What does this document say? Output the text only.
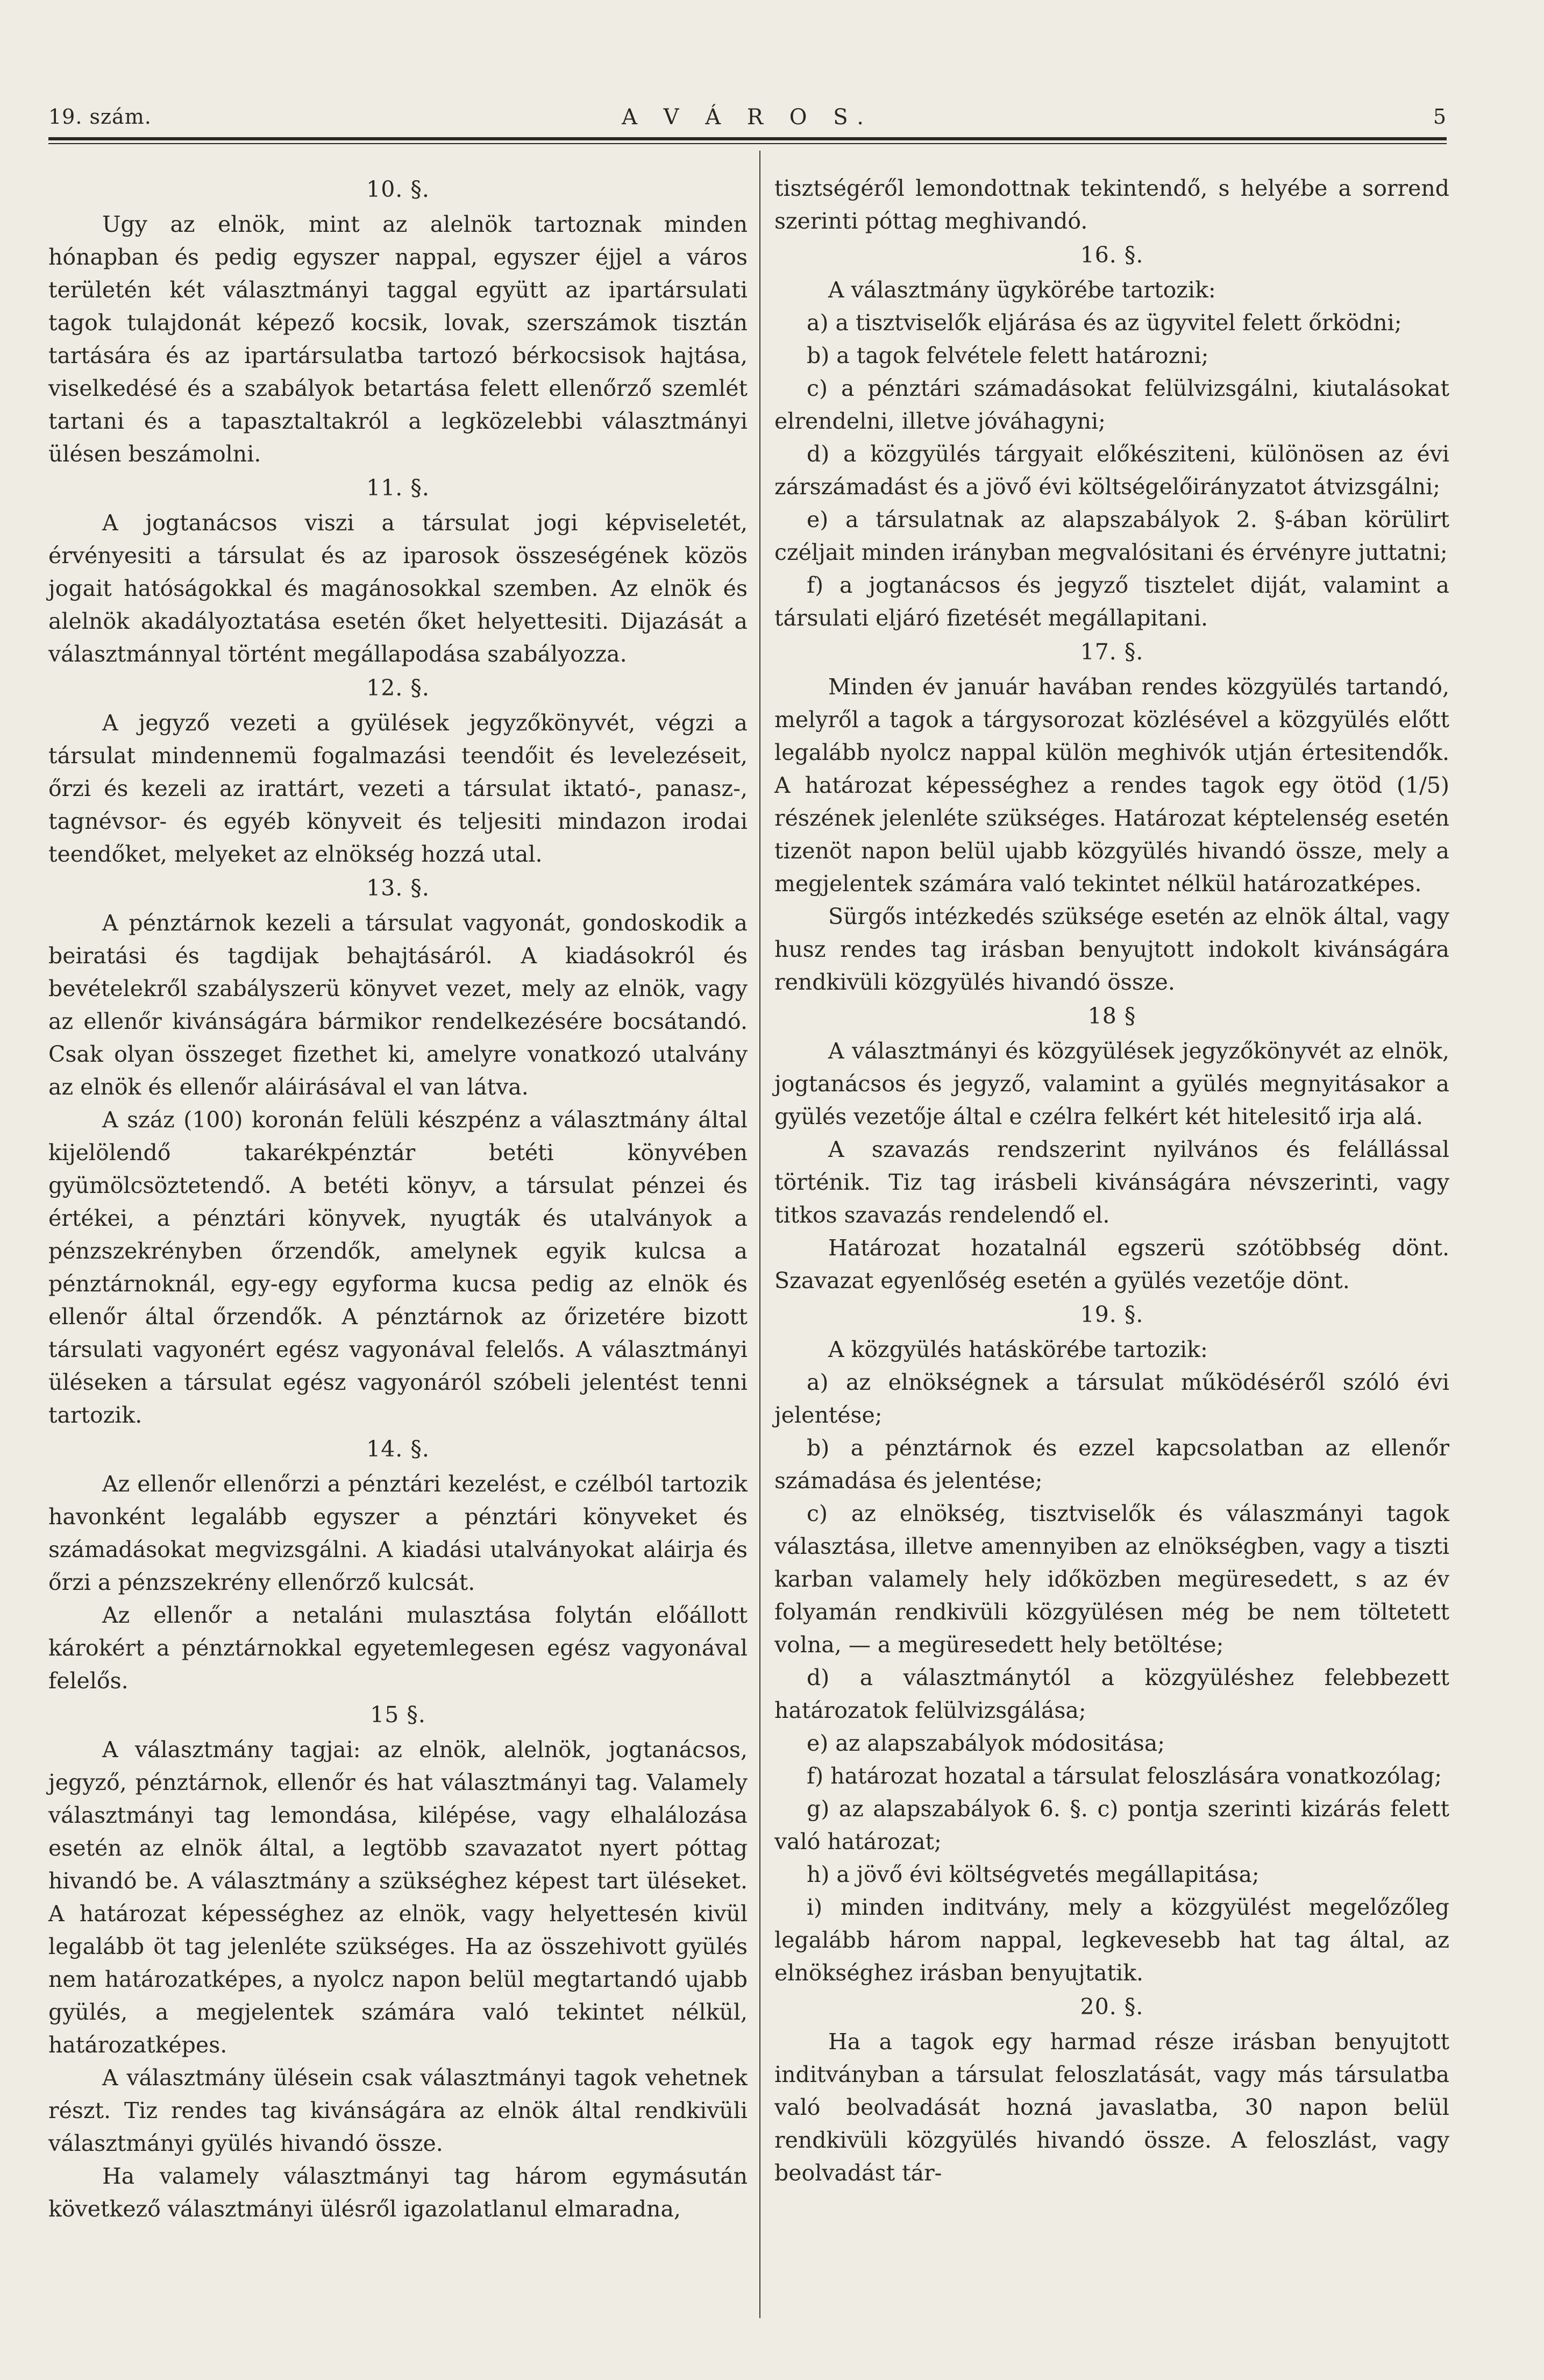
19. szám.	A V Á R O S.	5
10. §.

Ugy az elnök, mint az alelnök tartoznak minden hónapban és pedig egyszer nappal, egyszer éjjel a város területén két választmányi taggal együtt az ipartársulati tagok tulajdonát képező kocsik, lovak, szerszámok tisztán tartására és az ipartársulatba tartozó bérkocsisok hajtása, viselkedésé és a szabályok betartása felett ellenőrző szemlét tartani és a tapasztaltakról a legközelebbi választmányi ülésen beszámolni.

11. §.

A jogtanácsos viszi a társulat jogi képviseletét, érvényesiti a társulat és az iparosok összeségének közös jogait hatóságokkal és magánosokkal szemben. Az elnök és alelnök akadályoztatása esetén őket helyettesiti. Dijazását a választmánnyal történt megállapodása szabályozza.

12. §.

A jegyző vezeti a gyülések jegyzőkönyvét, végzi a társulat mindennemü fogalmazási teendőit és levelezéseit, őrzi és kezeli az irattárt, vezeti a társulat iktató-, panasz-, tagnévsor- és egyéb könyveit és teljesiti mindazon irodai teendőket, melyeket az elnökség hozzá utal.

13. §.

A pénztárnok kezeli a társulat vagyonát, gondoskodik a beiratási és tagdijak behajtásáról. A kiadásokról és bevételekről szabályszerü könyvet vezet, mely az elnök, vagy az ellenőr kivánságára bármikor rendelkezésére bocsátandó. Csak olyan összeget fizethet ki, amelyre vonatkozó utalvány az elnök és ellenőr aláirásával el van látva.

A száz (100) koronán felüli készpénz a választmány által kijelölendő takarékpénztár betéti könyvében gyümölcsöztetendő. A betéti könyv, a társulat pénzei és értékei, a pénztári könyvek, nyugták és utalványok a pénzszekrényben őrzendők, amelynek egyik kulcsa a pénztárnoknál, egy-egy egyforma kucsa pedig az elnök és ellenőr által őrzendők. A pénztárnok az őrizetére bizott társulati vagyonért egész vagyonával felelős. A választmányi üléseken a társulat egész vagyonáról szóbeli jelentést tenni tartozik.

14. §.

Az ellenőr ellenőrzi a pénztári kezelést, e czélból tartozik havonként legalább egyszer a pénztári könyveket és számadásokat megvizsgálni. A kiadási utalványokat aláirja és őrzi a pénzszekrény ellenőrző kulcsát.

Az ellenőr a netaláni mulasztása folytán előállott károkért a pénztárnokkal egyetemlegesen egész vagyonával felelős.

15 §.

A választmány tagjai: az elnök, alelnök, jogtanácsos, jegyző, pénztárnok, ellenőr és hat választmányi tag. Valamely választmányi tag lemondása, kilépése, vagy elhalálozása esetén az elnök által, a legtöbb szavazatot nyert póttag hivandó be. A választmány a szükséghez képest tart üléseket. A határozat képességhez az elnök, vagy helyettesén kivül legalább öt tag jelenléte szükséges. Ha az összehivott gyülés nem határozatképes, a nyolcz napon belül megtartandó ujabb gyülés, a megjelentek számára való tekintet nélkül, határozatképes.

A választmány ülésein csak választmányi tagok vehetnek részt. Tiz rendes tag kivánságára az elnök által rendkivüli választmányi gyülés hivandó össze.

Ha valamely választmányi tag három egymásután következő választmányi ülésről igazolatlanul elmaradna,

tisztségéről lemondottnak tekintendő, s helyébe a sorrend szerinti póttag meghivandó.

16. §.

A választmány ügykörébe tartozik:

a) a tisztviselők eljárása és az ügyvitel felett őrködni;

b) a tagok felvétele felett határozni;

c) a pénztári számadásokat felülvizsgálni, kiutalásokat elrendelni, illetve jóváhagyni;

d) a közgyülés tárgyait előkésziteni, különösen az évi zárszámadást és a jövő évi költségelőirányzatot átvizsgálni;

e) a társulatnak az alapszabályok 2. §-ában körülirt czéljait minden irányban megvalósitani és érvényre juttatni;

f) a jogtanácsos és jegyző tisztelet diját, valamint a társulati eljáró fizetését megállapitani.

17. §.

Minden év január havában rendes közgyülés tartandó, melyről a tagok a tárgysorozat közlésével a közgyülés előtt legalább nyolcz nappal külön meghivók utján értesitendők. A határozat képességhez a rendes tagok egy ötöd (1/5) részének jelenléte szükséges. Határozat képtelenség esetén tizenöt napon belül ujabb közgyülés hivandó össze, mely a megjelentek számára való tekintet nélkül határozatképes.

Sürgős intézkedés szüksége esetén az elnök által, vagy husz rendes tag irásban benyujtott indokolt kivánságára rendkivüli közgyülés hivandó össze.

18 §

A választmányi és közgyülések jegyzőkönyvét az elnök, jogtanácsos és jegyző, valamint a gyülés megnyitásakor a gyülés vezetője által e czélra felkért két hitelesitő irja alá.

A szavazás rendszerint nyilvános és felállással történik. Tiz tag irásbeli kivánságára névszerinti, vagy titkos szavazás rendelendő el.

Határozat hozatalnál egszerü szótöbbség dönt. Szavazat egyenlőség esetén a gyülés vezetője dönt.

19. §.

A közgyülés hatáskörébe tartozik:

a) az elnökségnek a társulat működéséről szóló évi jelentése;

b) a pénztárnok és ezzel kapcsolatban az ellenőr számadása és jelentése;

c) az elnökség, tisztviselők és válaszmányi tagok választása, illetve amennyiben az elnökségben, vagy a tiszti karban valamely hely időközben megüresedett, s az év folyamán rendkivüli közgyülésen még be nem töltetett volna, — a megüresedett hely betöltése;

d) a választmánytól a közgyüléshez felebbezett határozatok felülvizsgálása;

e) az alapszabályok módositása;

f) határozat hozatal a társulat feloszlására vonatkozólag;

g) az alapszabályok 6. §. c) pontja szerinti kizárás felett való határozat;

h) a jövő évi költségvetés megállapitása;

i) minden inditvány, mely a közgyülést megelőzőleg legalább három nappal, legkevesebb hat tag által, az elnökséghez irásban benyujtatik.

20. §.

Ha a tagok egy harmad része irásban benyujtott inditványban a társulat feloszlatását, vagy más társulatba való beolvadását hozná javaslatba, 30 napon belül rendkivüli közgyülés hivandó össze. A feloszlást, vagy beolvadást tár-
